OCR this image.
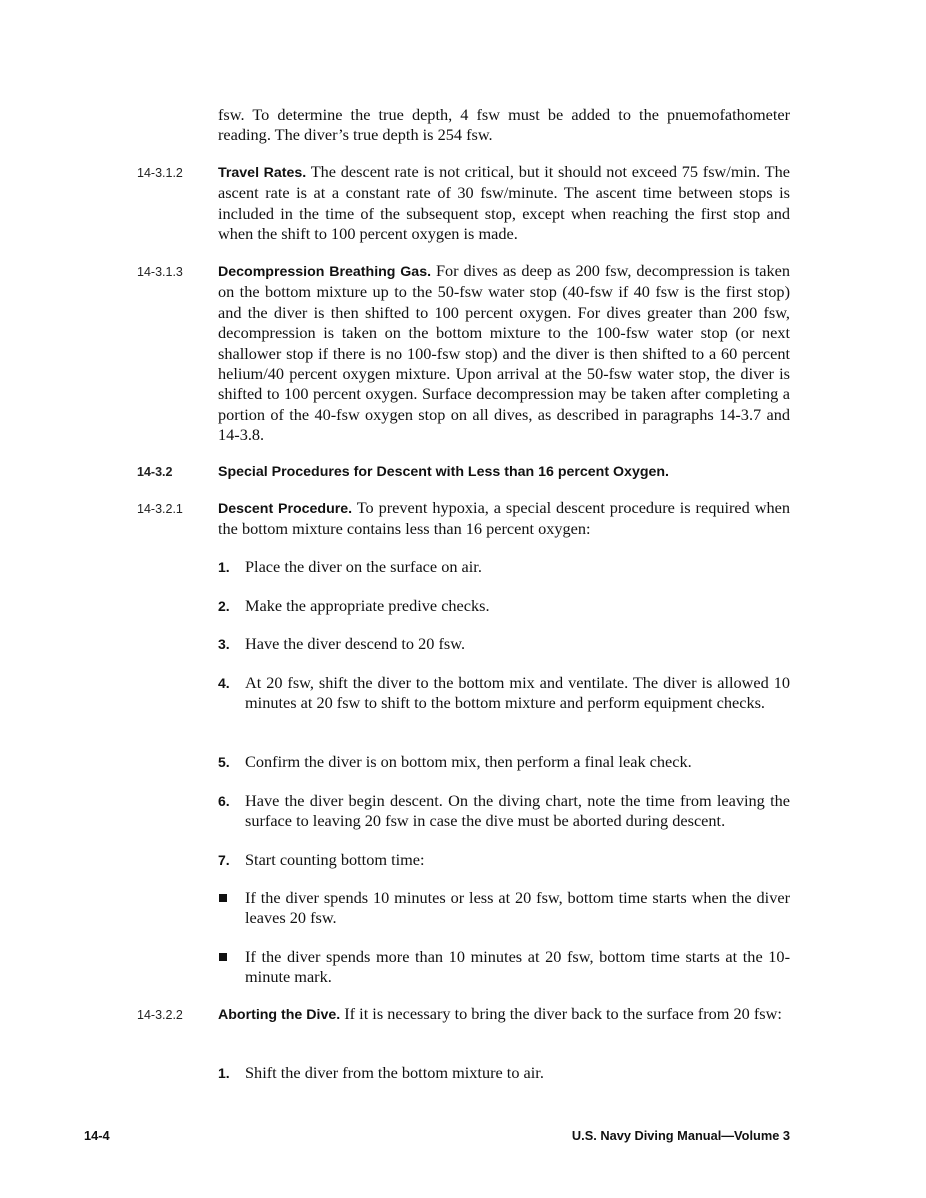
fsw. To determine the true depth, 4 fsw must be added to the pnuemofathometer reading. The diver’s true depth is 254 fsw.
14-3.1.2 Travel Rates. The descent rate is not critical, but it should not exceed 75 fsw/min. The ascent rate is at a constant rate of 30 fsw/minute. The ascent time between stops is included in the time of the subsequent stop, except when reaching the first stop and when the shift to 100 percent oxygen is made.
14-3.1.3 Decompression Breathing Gas. For dives as deep as 200 fsw, decompression is taken on the bottom mixture up to the 50-fsw water stop (40-fsw if 40 fsw is the first stop) and the diver is then shifted to 100 percent oxygen. For dives greater than 200 fsw, decompression is taken on the bottom mixture to the 100-fsw water stop (or next shallower stop if there is no 100-fsw stop) and the diver is then shifted to a 60 percent helium/40 percent oxygen mixture. Upon arrival at the 50-fsw water stop, the diver is shifted to 100 percent oxygen. Surface decompression may be taken after completing a portion of the 40-fsw oxygen stop on all dives, as described in paragraphs 14-3.7 and 14-3.8.
14-3.2	Special Procedures for Descent with Less than 16 percent Oxygen.
14-3.2.1 Descent Procedure. To prevent hypoxia, a special descent procedure is required when the bottom mixture contains less than 16 percent oxygen:
1. Place the diver on the surface on air.
2. Make the appropriate predive checks.
3. Have the diver descend to 20 fsw.
4. At 20 fsw, shift the diver to the bottom mix and ventilate. The diver is allowed 10 minutes at 20 fsw to shift to the bottom mixture and perform equipment checks.
5. Confirm the diver is on bottom mix, then perform a final leak check.
6. Have the diver begin descent. On the diving chart, note the time from leaving the surface to leaving 20 fsw in case the dive must be aborted during descent.
7. Start counting bottom time:
If the diver spends 10 minutes or less at 20 fsw, bottom time starts when the diver leaves 20 fsw.
If the diver spends more than 10 minutes at 20 fsw, bottom time starts at the 10-minute mark.
14-3.2.2 Aborting the Dive. If it is necessary to bring the diver back to the surface from 20 fsw:
1. Shift the diver from the bottom mixture to air.
14-4	U.S. Navy Diving Manual—Volume 3
